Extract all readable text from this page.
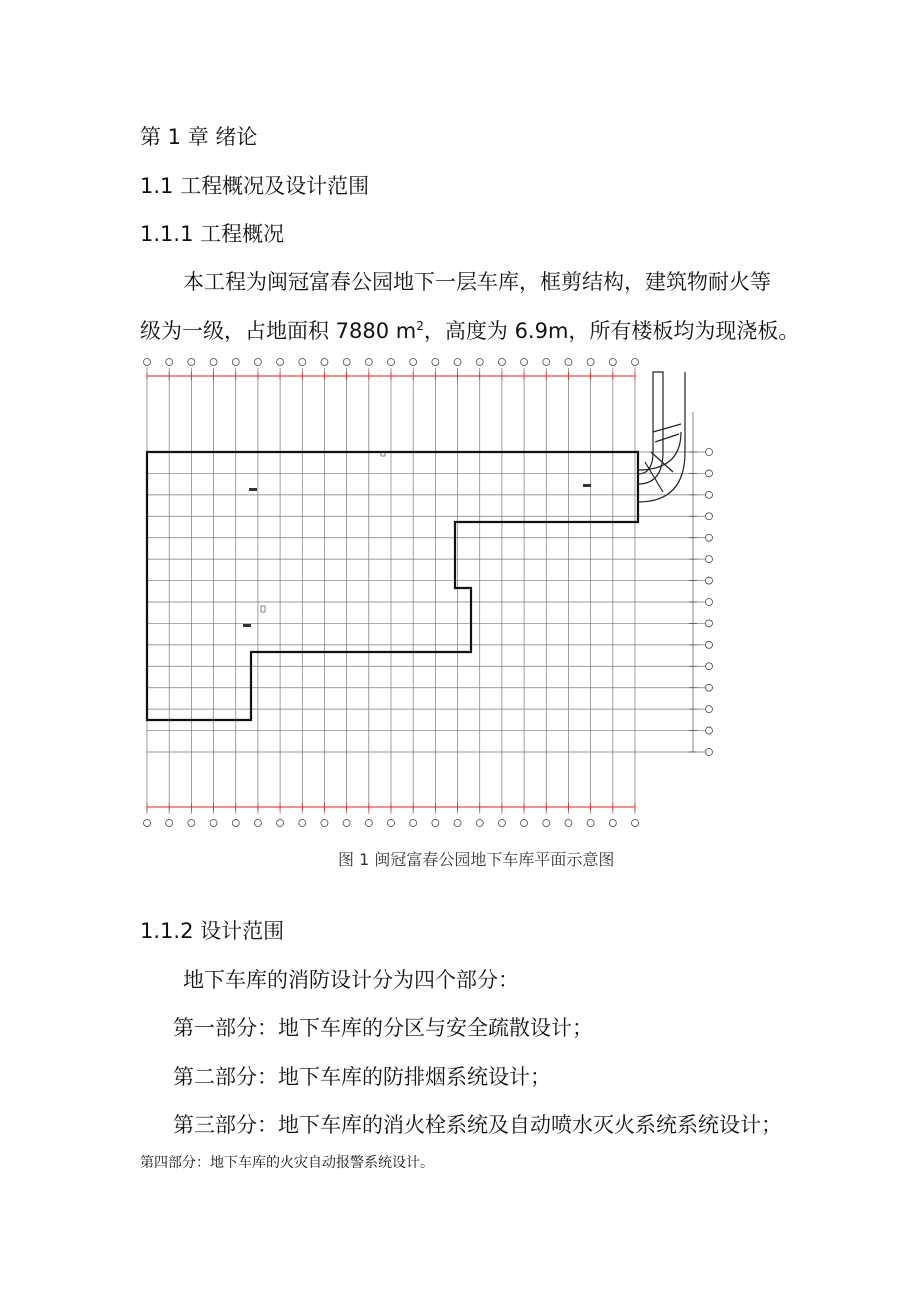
第 1 章 绪论
1.1 工程概况及设计范围
1.1.1 工程概况
本工程为闽冠富春公园地下一层车库，框剪结构，建筑物耐火等
级为一级，占地面积 7880 $m^2$，高度为 6.9m，所有楼板均为现浇板。
图 1 闽冠富春公园地下车库平面示意图
1.1.2 设计范围
地下车库的消防设计分为四个部分：
第一部分：地下车库的分区与安全疏散设计；
第二部分：地下车库的防排烟系统设计；
第三部分：地下车库的消火栓系统及自动喷水灭火系统系统设计；
第四部分：地下车库的火灾自动报警系统设计。
